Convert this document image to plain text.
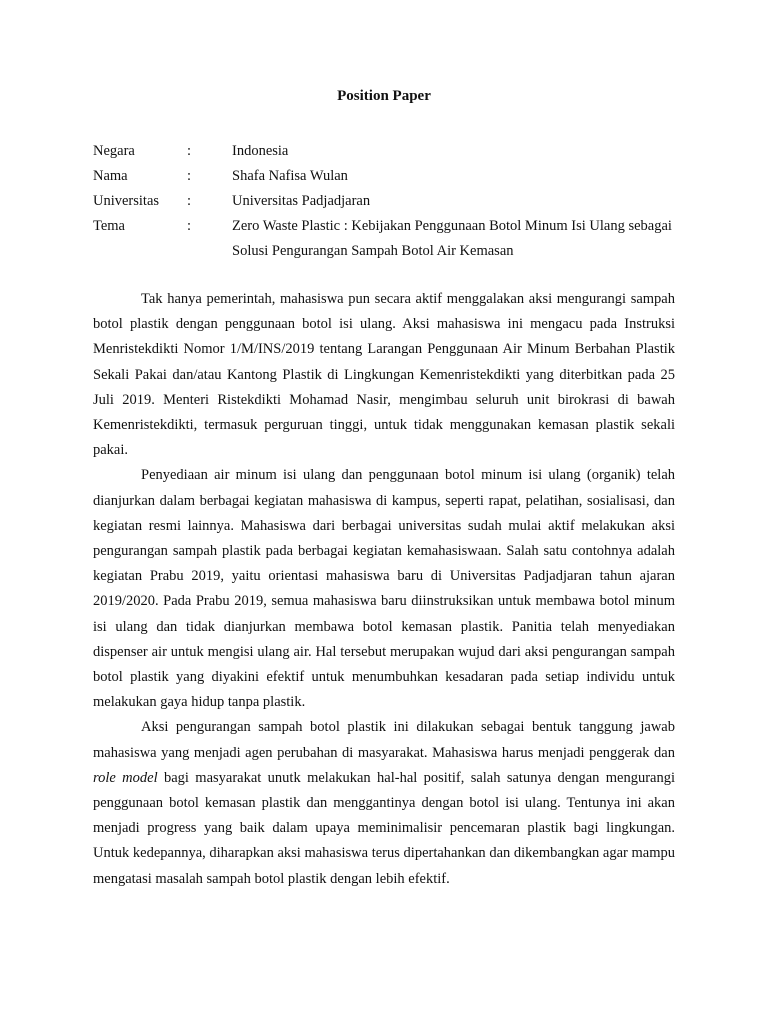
Position Paper
Negara	:	Indonesia
Nama	:	Shafa Nafisa Wulan
Universitas	:	Universitas Padjadjaran
Tema	:	Zero Waste Plastic : Kebijakan Penggunaan Botol Minum Isi Ulang sebagai Solusi Pengurangan Sampah Botol Air Kemasan

Tak hanya pemerintah, mahasiswa pun secara aktif menggalakan aksi mengurangi sampah botol plastik dengan penggunaan botol isi ulang. Aksi mahasiswa ini mengacu pada Instruksi Menristekdikti Nomor 1/M/INS/2019 tentang Larangan Penggunaan Air Minum Berbahan Plastik Sekali Pakai dan/atau Kantong Plastik di Lingkungan Kemenristekdikti yang diterbitkan pada 25 Juli 2019. Menteri Ristekdikti Mohamad Nasir, mengimbau seluruh unit birokrasi di bawah Kemenristekdikti, termasuk perguruan tinggi, untuk tidak menggunakan kemasan plastik sekali pakai.

Penyediaan air minum isi ulang dan penggunaan botol minum isi ulang (organik) telah dianjurkan dalam berbagai kegiatan mahasiswa di kampus, seperti rapat, pelatihan, sosialisasi, dan kegiatan resmi lainnya. Mahasiswa dari berbagai universitas sudah mulai aktif melakukan aksi pengurangan sampah plastik pada berbagai kegiatan kemahasiswaan. Salah satu contohnya adalah kegiatan Prabu 2019, yaitu orientasi mahasiswa baru di Universitas Padjadjaran tahun ajaran 2019/2020. Pada Prabu 2019, semua mahasiswa baru diinstruksikan untuk membawa botol minum isi ulang dan tidak dianjurkan membawa botol kemasan plastik. Panitia telah menyediakan dispenser air untuk mengisi ulang air. Hal tersebut merupakan wujud dari aksi pengurangan sampah botol plastik yang diyakini efektif untuk menumbuhkan kesadaran pada setiap individu untuk melakukan gaya hidup tanpa plastik.

Aksi pengurangan sampah botol plastik ini dilakukan sebagai bentuk tanggung jawab mahasiswa yang menjadi agen perubahan di masyarakat. Mahasiswa harus menjadi penggerak dan role model bagi masyarakat unutk melakukan hal-hal positif, salah satunya dengan mengurangi penggunaan botol kemasan plastik dan menggantinya dengan botol isi ulang. Tentunya ini akan menjadi progress yang baik dalam upaya meminimalisir pencemaran plastik bagi lingkungan. Untuk kedepannya, diharapkan aksi mahasiswa terus dipertahankan dan dikembangkan agar mampu mengatasi masalah sampah botol plastik dengan lebih efektif.
